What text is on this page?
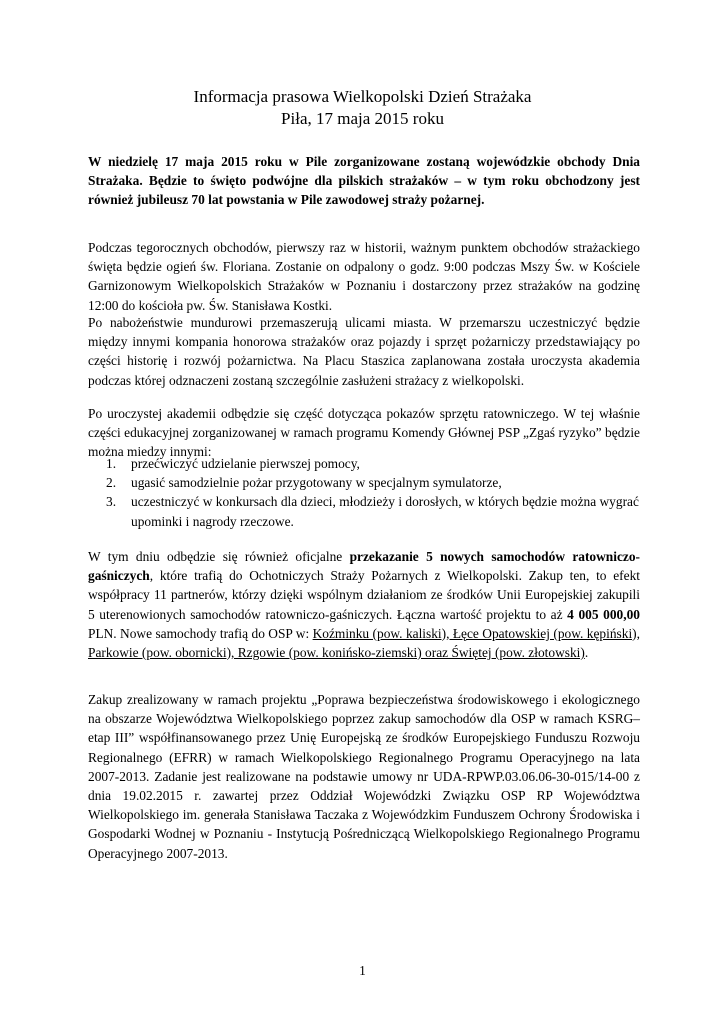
Informacja prasowa Wielkopolski Dzień Strażaka
Piła, 17 maja 2015 roku

W niedzielę 17 maja 2015 roku w Pile zorganizowane zostaną wojewódzkie obchody Dnia Strażaka. Będzie to święto podwójne dla pilskich strażaków – w tym roku obchodzony jest również jubileusz 70 lat powstania w Pile zawodowej straży pożarnej.

Podczas tegorocznych obchodów, pierwszy raz w historii, ważnym punktem obchodów strażackiego święta będzie ogień św. Floriana. Zostanie on odpalony o godz. 9:00 podczas Mszy Św. w Kościele Garnizonowym Wielkopolskich Strażaków w Poznaniu i dostarczony przez strażaków na godzinę 12:00 do kościoła pw. Św. Stanisława Kostki.

Po nabożeństwie mundurowi przemaszerują ulicami miasta. W przemarszu uczestniczyć będzie między innymi kompania honorowa strażaków oraz pojazdy i sprzęt pożarniczy przedstawiający po części historię i rozwój pożarnictwa. Na Placu Staszica zaplanowana została uroczysta akademia podczas której odznaczeni zostaną szczególnie zasłużeni strażacy z wielkopolski.

Po uroczystej akademii odbędzie się część dotycząca pokazów sprzętu ratowniczego. W tej właśnie części edukacyjnej zorganizowanej w ramach programu Komendy Głównej PSP „Zgaś ryzyko” będzie można miedzy innymi:

1. przećwiczyć udzielanie pierwszej pomocy,
2. ugasić samodzielnie pożar przygotowany w specjalnym symulatorze,
3. uczestniczyć w konkursach dla dzieci, młodzieży i dorosłych, w których będzie można wygrać upominki i nagrody rzeczowe.

W tym dniu odbędzie się również oficjalne przekazanie 5 nowych samochodów ratowniczo-gaśniczych, które trafią do Ochotniczych Straży Pożarnych z Wielkopolski. Zakup ten, to efekt współpracy 11 partnerów, którzy dzięki wspólnym działaniom ze środków Unii Europejskiej zakupili 5 uterenowionych samochodów ratowniczo-gaśniczych. Łączna wartość projektu to aż 4 005 000,00 PLN. Nowe samochody trafią do OSP w: Koźminku (pow. kaliski), Łęce Opatowskiej (pow. kępiński), Parkowie (pow. obornicki), Rzgowie (pow. konińsko-ziemski) oraz Świętej (pow. złotowski).

Zakup zrealizowany w ramach projektu „Poprawa bezpieczeństwa środowiskowego i ekologicznego na obszarze Województwa Wielkopolskiego poprzez zakup samochodów dla OSP w ramach KSRG– etap III” współfinansowanego przez Unię Europejską ze środków Europejskiego Funduszu Rozwoju Regionalnego (EFRR) w ramach Wielkopolskiego Regionalnego Programu Operacyjnego na lata 2007-2013. Zadanie jest realizowane na podstawie umowy nr UDA-RPWP.03.06.06-30-015/14-00 z dnia 19.02.2015 r. zawartej przez Oddział Wojewódzki Związku OSP RP Województwa Wielkopolskiego im. generała Stanisława Taczaka z Wojewódzkim Funduszem Ochrony Środowiska i Gospodarki Wodnej w Poznaniu - Instytucją Pośredniczącą Wielkopolskiego Regionalnego Programu Operacyjnego 2007-2013.

1
